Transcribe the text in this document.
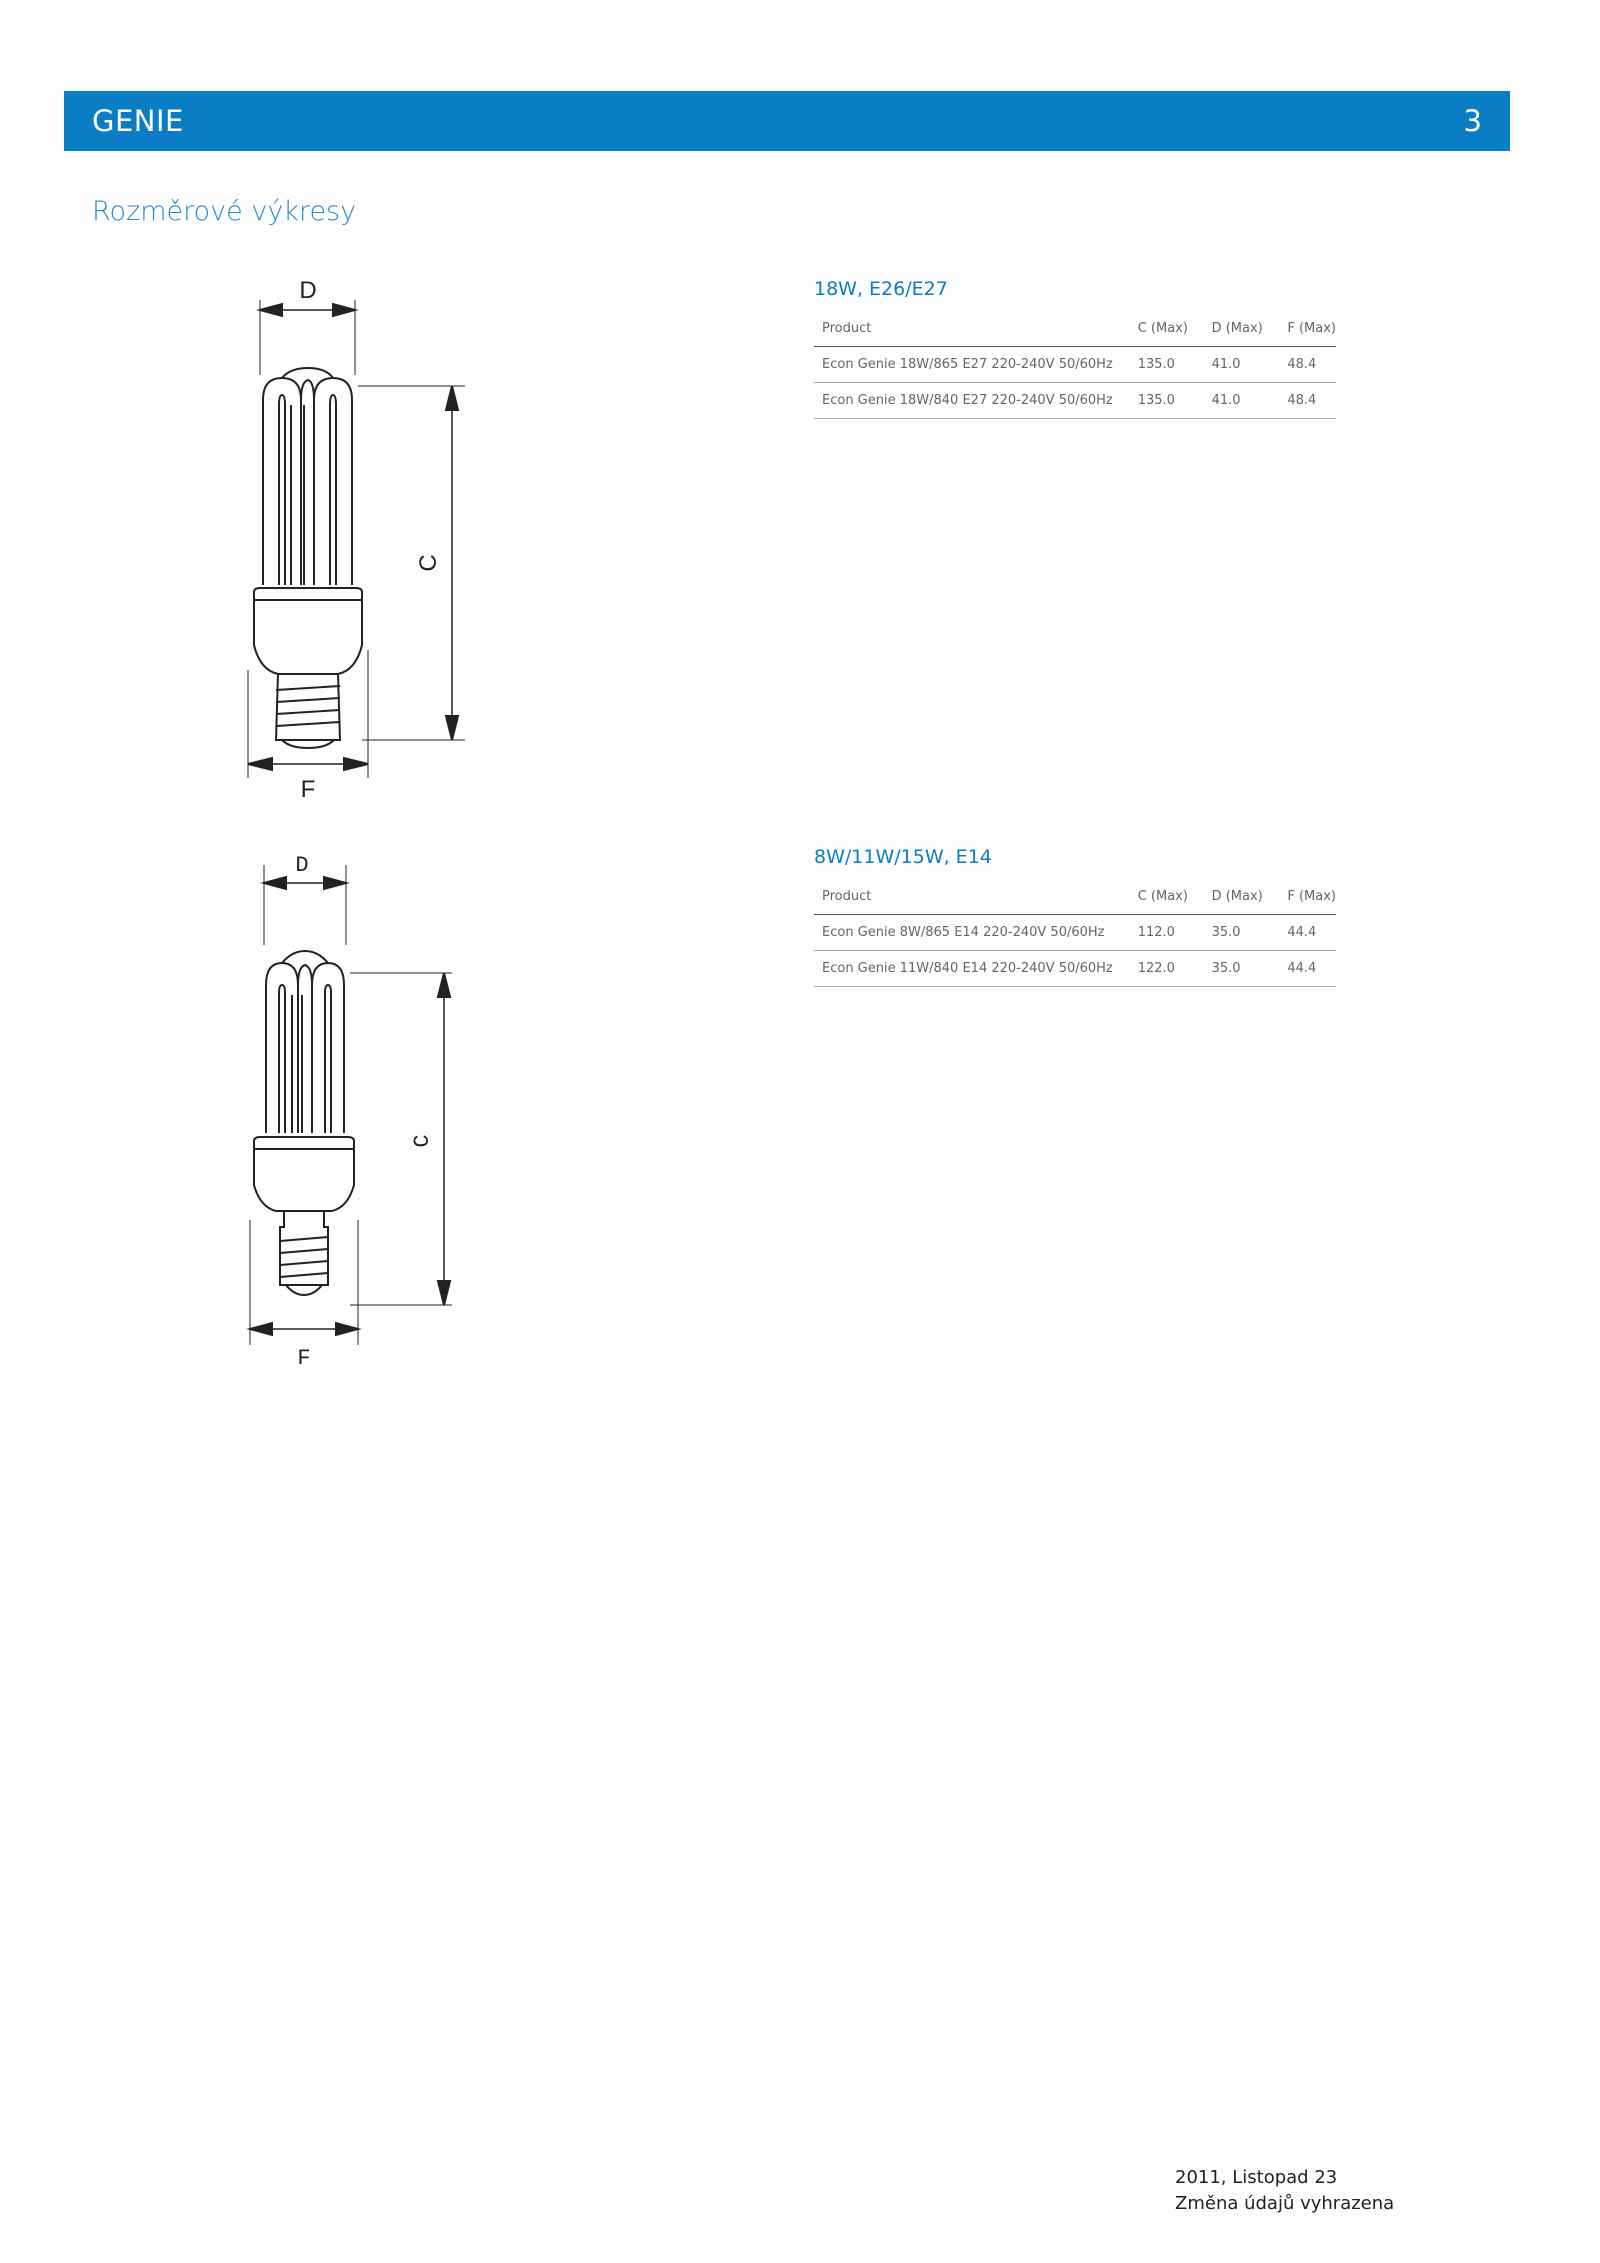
GENIE	3
Rozměrové výkresy
D
C
F
D
C
F
18W, E26/E27
Product	C (Max)	D (Max)	F (Max)
Econ Genie 18W/865 E27 220-240V 50/60Hz	135.0	41.0	48.4
Econ Genie 18W/840 E27 220-240V 50/60Hz	135.0	41.0	48.4
8W/11W/15W, E14
Product	C (Max)	D (Max)	F (Max)
Econ Genie 8W/865 E14 220-240V 50/60Hz	112.0	35.0	44.4
Econ Genie 11W/840 E14 220-240V 50/60Hz	122.0	35.0	44.4
2011, Listopad 23
Změna údajů vyhrazena
